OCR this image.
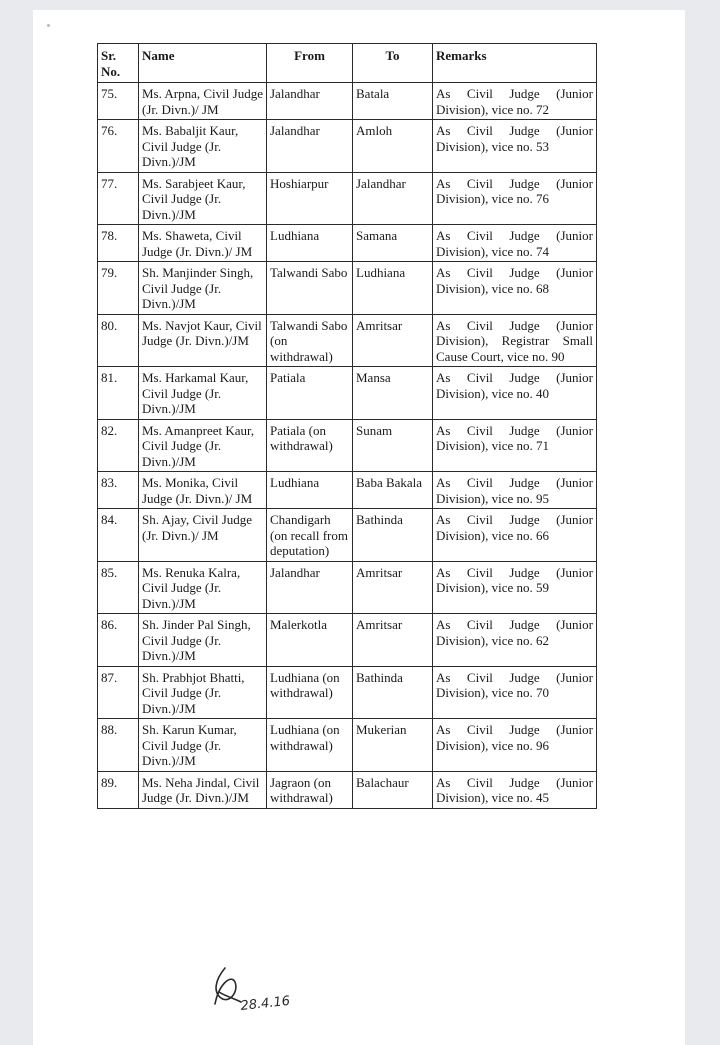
Sr. No.	Name	From	To	Remarks
75.	Ms. Arpna, Civil Judge (Jr. Divn.)/ JM	Jalandhar	Batala	As Civil Judge (Junior Division), vice no. 72
76.	Ms. Babaljit Kaur, Civil Judge (Jr. Divn.)/JM	Jalandhar	Amloh	As Civil Judge (Junior Division), vice no. 53
77.	Ms. Sarabjeet Kaur, Civil Judge (Jr. Divn.)/JM	Hoshiarpur	Jalandhar	As Civil Judge (Junior Division), vice no. 76
78.	Ms. Shaweta, Civil Judge (Jr. Divn.)/ JM	Ludhiana	Samana	As Civil Judge (Junior Division), vice no. 74
79.	Sh. Manjinder Singh, Civil Judge (Jr. Divn.)/JM	Talwandi Sabo	Ludhiana	As Civil Judge (Junior Division), vice no. 68
80.	Ms. Navjot Kaur, Civil Judge (Jr. Divn.)/JM	Talwandi Sabo (on withdrawal)	Amritsar	As Civil Judge (Junior Division), Registrar Small Cause Court, vice no. 90
81.	Ms. Harkamal Kaur, Civil Judge (Jr. Divn.)/JM	Patiala	Mansa	As Civil Judge (Junior Division), vice no. 40
82.	Ms. Amanpreet Kaur, Civil Judge (Jr. Divn.)/JM	Patiala (on withdrawal)	Sunam	As Civil Judge (Junior Division), vice no. 71
83.	Ms. Monika, Civil Judge (Jr. Divn.)/ JM	Ludhiana	Baba Bakala	As Civil Judge (Junior Division), vice no. 95
84.	Sh. Ajay, Civil Judge (Jr. Divn.)/ JM	Chandigarh (on recall from deputation)	Bathinda	As Civil Judge (Junior Division), vice no. 66
85.	Ms. Renuka Kalra, Civil Judge (Jr. Divn.)/JM	Jalandhar	Amritsar	As Civil Judge (Junior Division), vice no. 59
86.	Sh. Jinder Pal Singh, Civil Judge (Jr. Divn.)/JM	Malerkotla	Amritsar	As Civil Judge (Junior Division), vice no. 62
87.	Sh. Prabhjot Bhatti, Civil Judge (Jr. Divn.)/JM	Ludhiana (on withdrawal)	Bathinda	As Civil Judge (Junior Division), vice no. 70
88.	Sh. Karun Kumar, Civil Judge (Jr. Divn.)/JM	Ludhiana (on withdrawal)	Mukerian	As Civil Judge (Junior Division), vice no. 96
89.	Ms. Neha Jindal, Civil Judge (Jr. Divn.)/JM	Jagraon (on withdrawal)	Balachaur	As Civil Judge (Junior Division), vice no. 45
28.4.16
